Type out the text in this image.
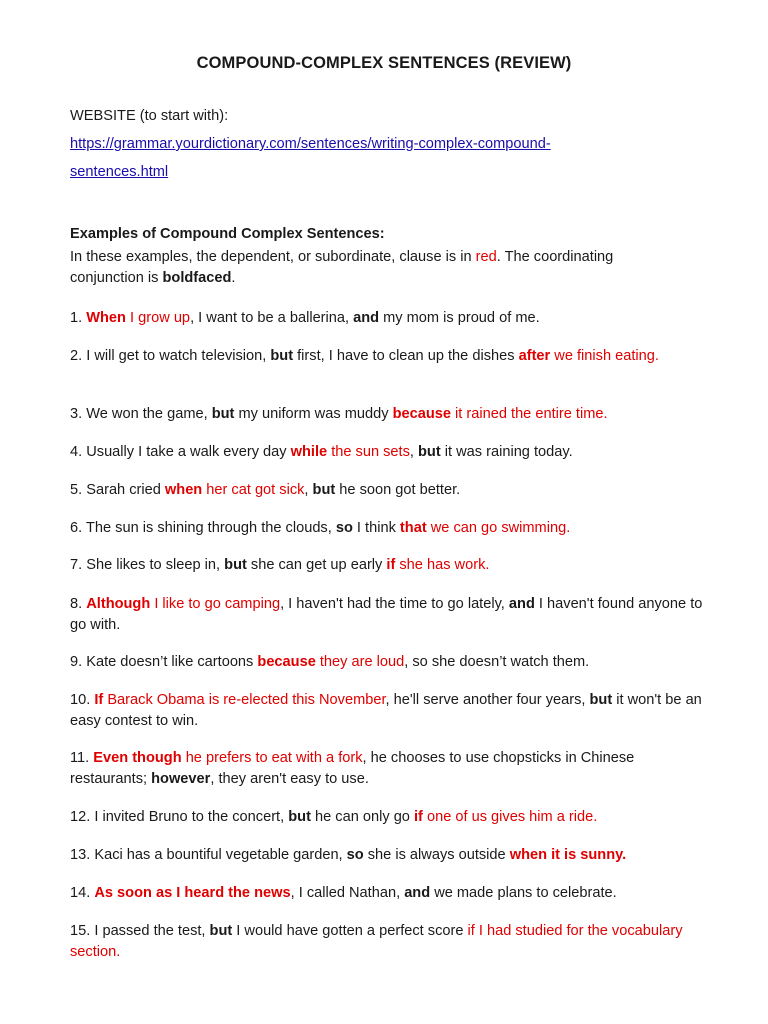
COMPOUND-COMPLEX SENTENCES (REVIEW)
WEBSITE (to start with):
https://grammar.yourdictionary.com/sentences/writing-complex-compound-
sentences.html
Examples of Compound Complex Sentences:
In these examples, the dependent, or subordinate, clause is in red. The coordinating
conjunction is boldfaced.
1. When I grow up, I want to be a ballerina, and my mom is proud of me.
2. I will get to watch television, but first, I have to clean up the dishes after we finish eating.
3. We won the game, but my uniform was muddy because it rained the entire time.
4. Usually I take a walk every day while the sun sets, but it was raining today.
5. Sarah cried when her cat got sick, but he soon got better.
6. The sun is shining through the clouds, so I think that we can go swimming.
7. She likes to sleep in, but she can get up early if she has work.
8. Although I like to go camping, I haven't had the time to go lately, and I haven't found anyone to go with.
9. Kate doesn’t like cartoons because they are loud, so she doesn’t watch them.
10. If Barack Obama is re-elected this November, he'll serve another four years, but it won't be an easy contest to win.
11. Even though he prefers to eat with a fork, he chooses to use chopsticks in Chinese restaurants; however, they aren't easy to use.
12. I invited Bruno to the concert, but he can only go if one of us gives him a ride.
13. Kaci has a bountiful vegetable garden, so she is always outside when it is sunny.
14. As soon as I heard the news, I called Nathan, and we made plans to celebrate.
15. I passed the test, but I would have gotten a perfect score if I had studied for the vocabulary section.
